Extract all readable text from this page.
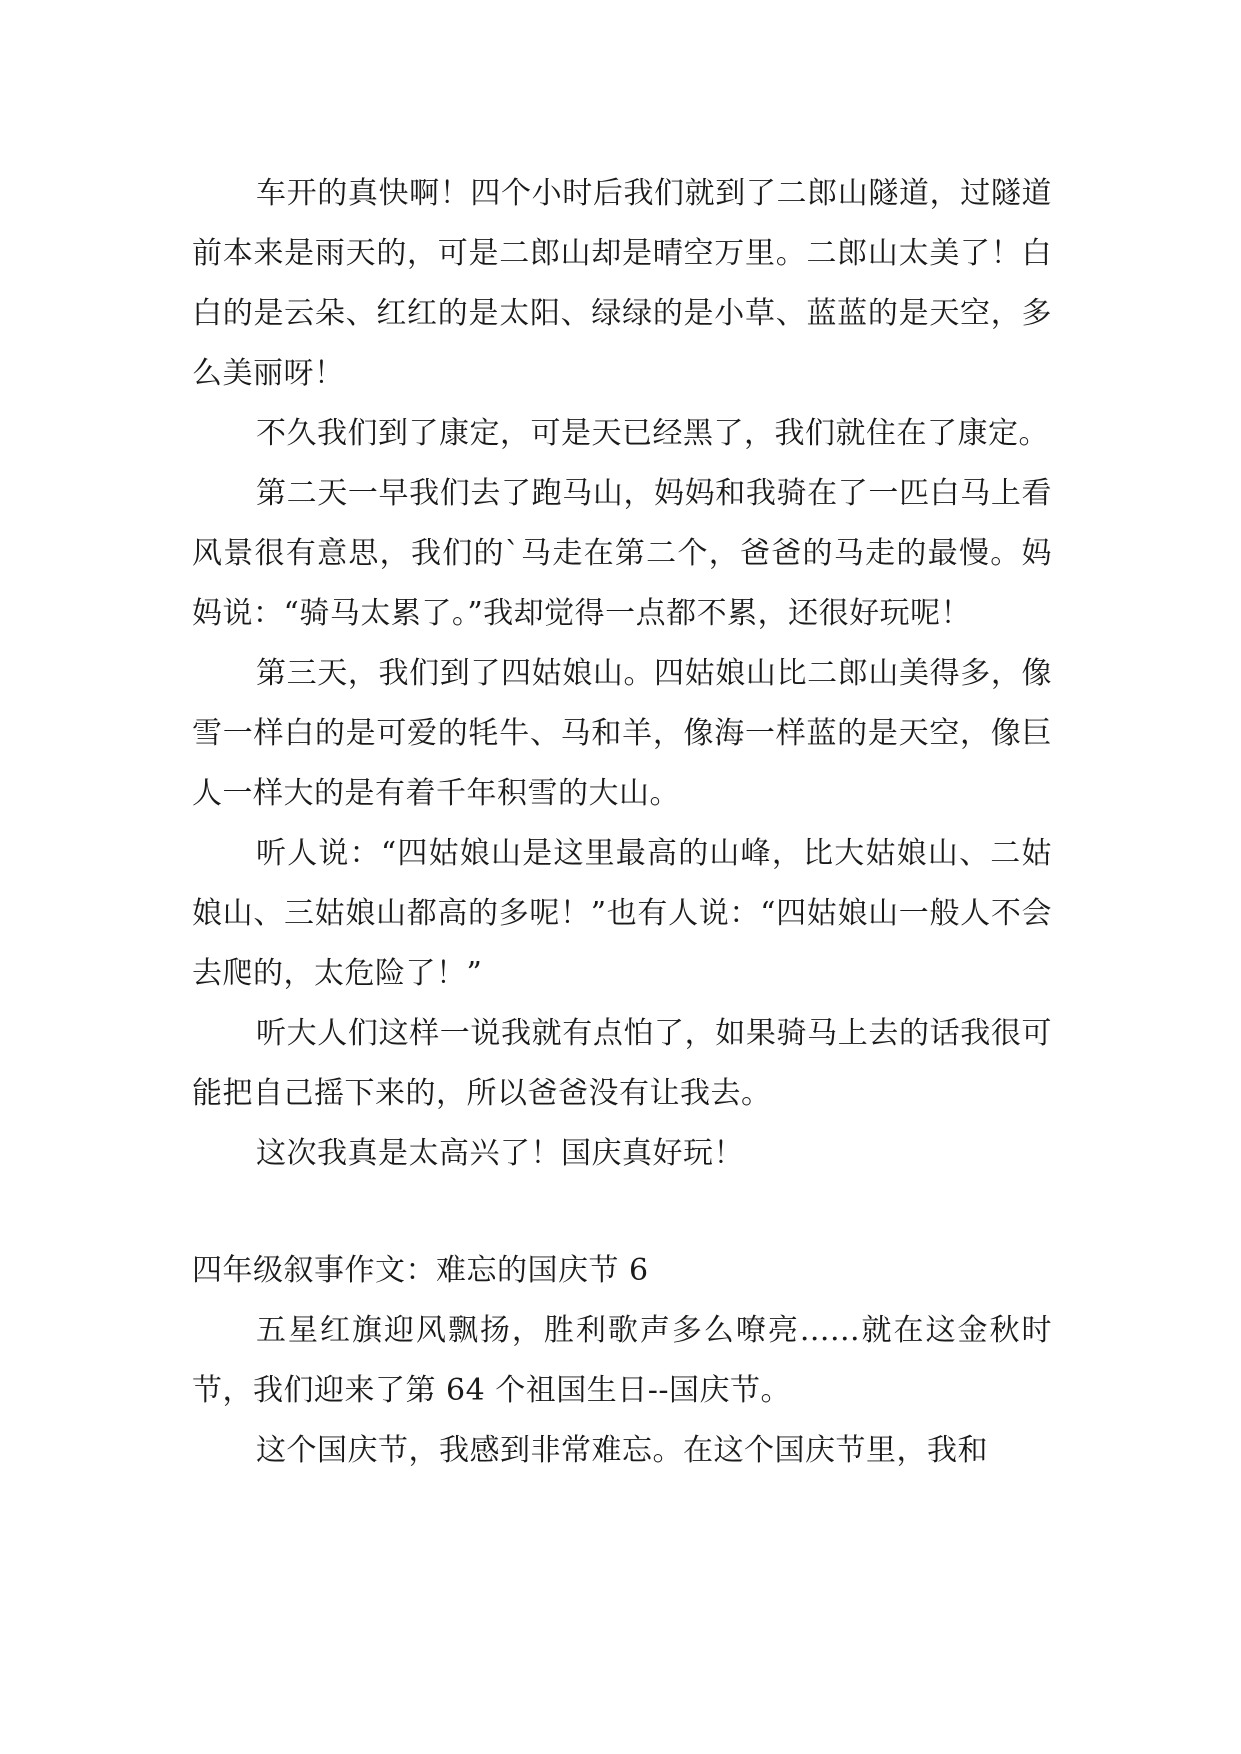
车开的真快啊！四个小时后我们就到了二郎山隧道，过隧道前本来是雨天的，可是二郎山却是晴空万里。二郎山太美了！白白的是云朵、红红的是太阳、绿绿的是小草、蓝蓝的是天空，多么美丽呀！

不久我们到了康定，可是天已经黑了，我们就住在了康定。

第二天一早我们去了跑马山，妈妈和我骑在了一匹白马上看风景很有意思，我们的`马走在第二个，爸爸的马走的最慢。妈妈说：“骑马太累了。”我却觉得一点都不累，还很好玩呢！

第三天，我们到了四姑娘山。四姑娘山比二郎山美得多，像雪一样白的是可爱的牦牛、马和羊，像海一样蓝的是天空，像巨人一样大的是有着千年积雪的大山。

听人说：“四姑娘山是这里最高的山峰，比大姑娘山、二姑娘山、三姑娘山都高的多呢！”也有人说：“四姑娘山一般人不会去爬的，太危险了！”

听大人们这样一说我就有点怕了，如果骑马上去的话我很可能把自己摇下来的，所以爸爸没有让我去。

这次我真是太高兴了！国庆真好玩！

四年级叙事作文：难忘的国庆节 6

五星红旗迎风飘扬，胜利歌声多么嘹亮......就在这金秋时节，我们迎来了第 64 个祖国生日--国庆节。

这个国庆节，我感到非常难忘。在这个国庆节里，我和
